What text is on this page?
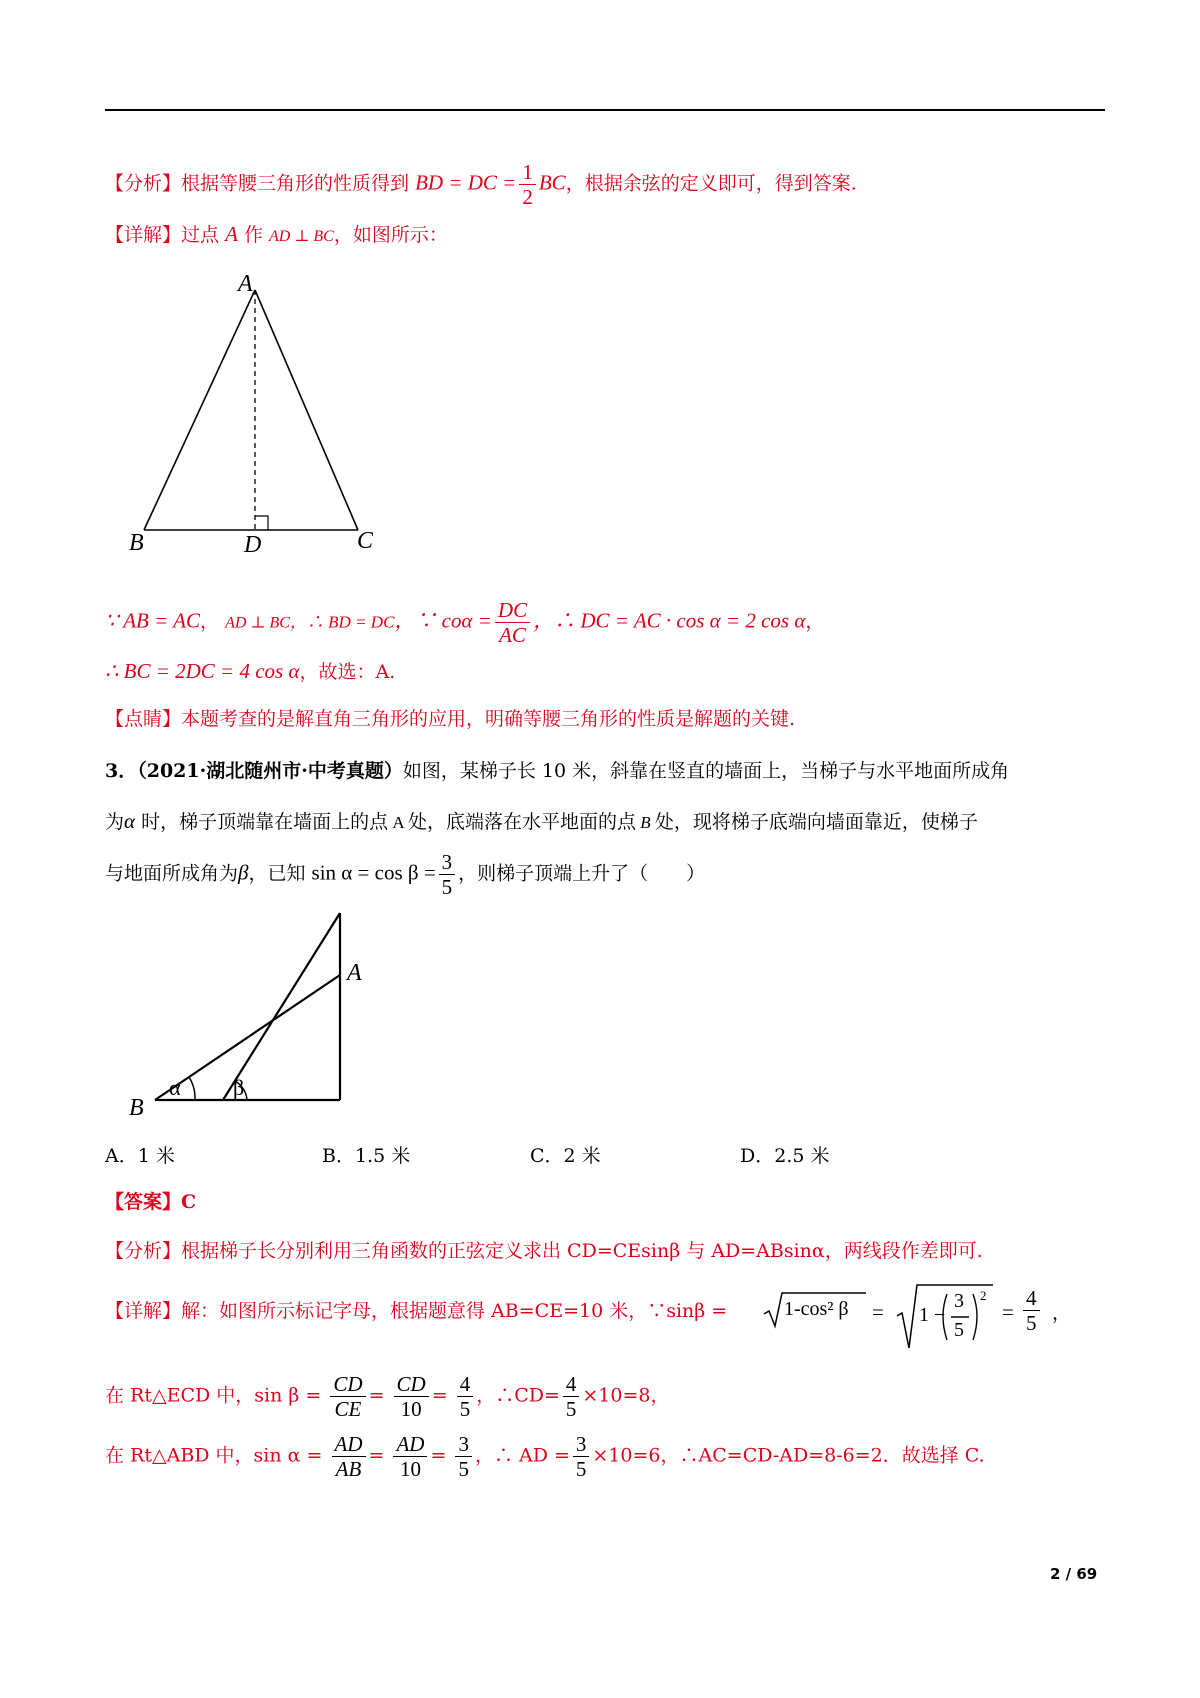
【分析】根据等腰三角形的性质得到 BD = DC = $\frac{1}{2}$ BC，根据余弦的定义即可，得到答案.
【详解】过点 A 作 AD ⊥ BC，如图所示：
A
B	C
D
∵ AB = AC， AD ⊥ BC，∴ BD = DC，∵ $co\alpha = \frac{DC}{AC}$ ，∴ DC = AC · cos α = 2 cos α，
∴ BC = 2DC = 4 cos α，故选：A.
【点睛】本题考查的是解直角三角形的应用，明确等腰三角形的性质是解题的关键.
3．（2021·湖北随州市·中考真题）如图，某梯子长 10 米，斜靠在竖直的墙面上，当梯子与水平地面所成角
为α 时，梯子顶端靠在墙面上的点 A 处，底端落在水平地面的点 B 处，现将梯子底端向墙面靠近，使梯子
与地面所成角为β，已知 $\sin \alpha = \cos \beta = \frac{3}{5}$ ，则梯子顶端上升了（　　）
A
B
α β
A．1 米	B．1.5 米	C．2 米	D．2.5 米
【答案】C
【分析】根据梯子长分别利用三角函数的正弦定义求出 CD=CEsinβ 与 AD=ABsinα，两线段作差即可.
【详解】解：如图所示标记字母，根据题意得 AB=CE=10 米，∵sinβ =	1-cos² β = 1 −
3
5
2
= $\frac{4}{5}$ ，
在 Rt△ECD 中，$\sin \beta = \frac{CD}{CE} = \frac{CD}{10} = \frac{4}{5}$ ，∴CD= $\frac{4}{5} \times 10=8$，
在 Rt△ABD 中，$\sin \alpha = \frac{AD}{AB} = \frac{AD}{10} = \frac{3}{5}$ ，∴ AD = $\frac{3}{5} \times 10=6$，∴AC=CD-AD=8-6=2．故选择 C.
2 / 69
